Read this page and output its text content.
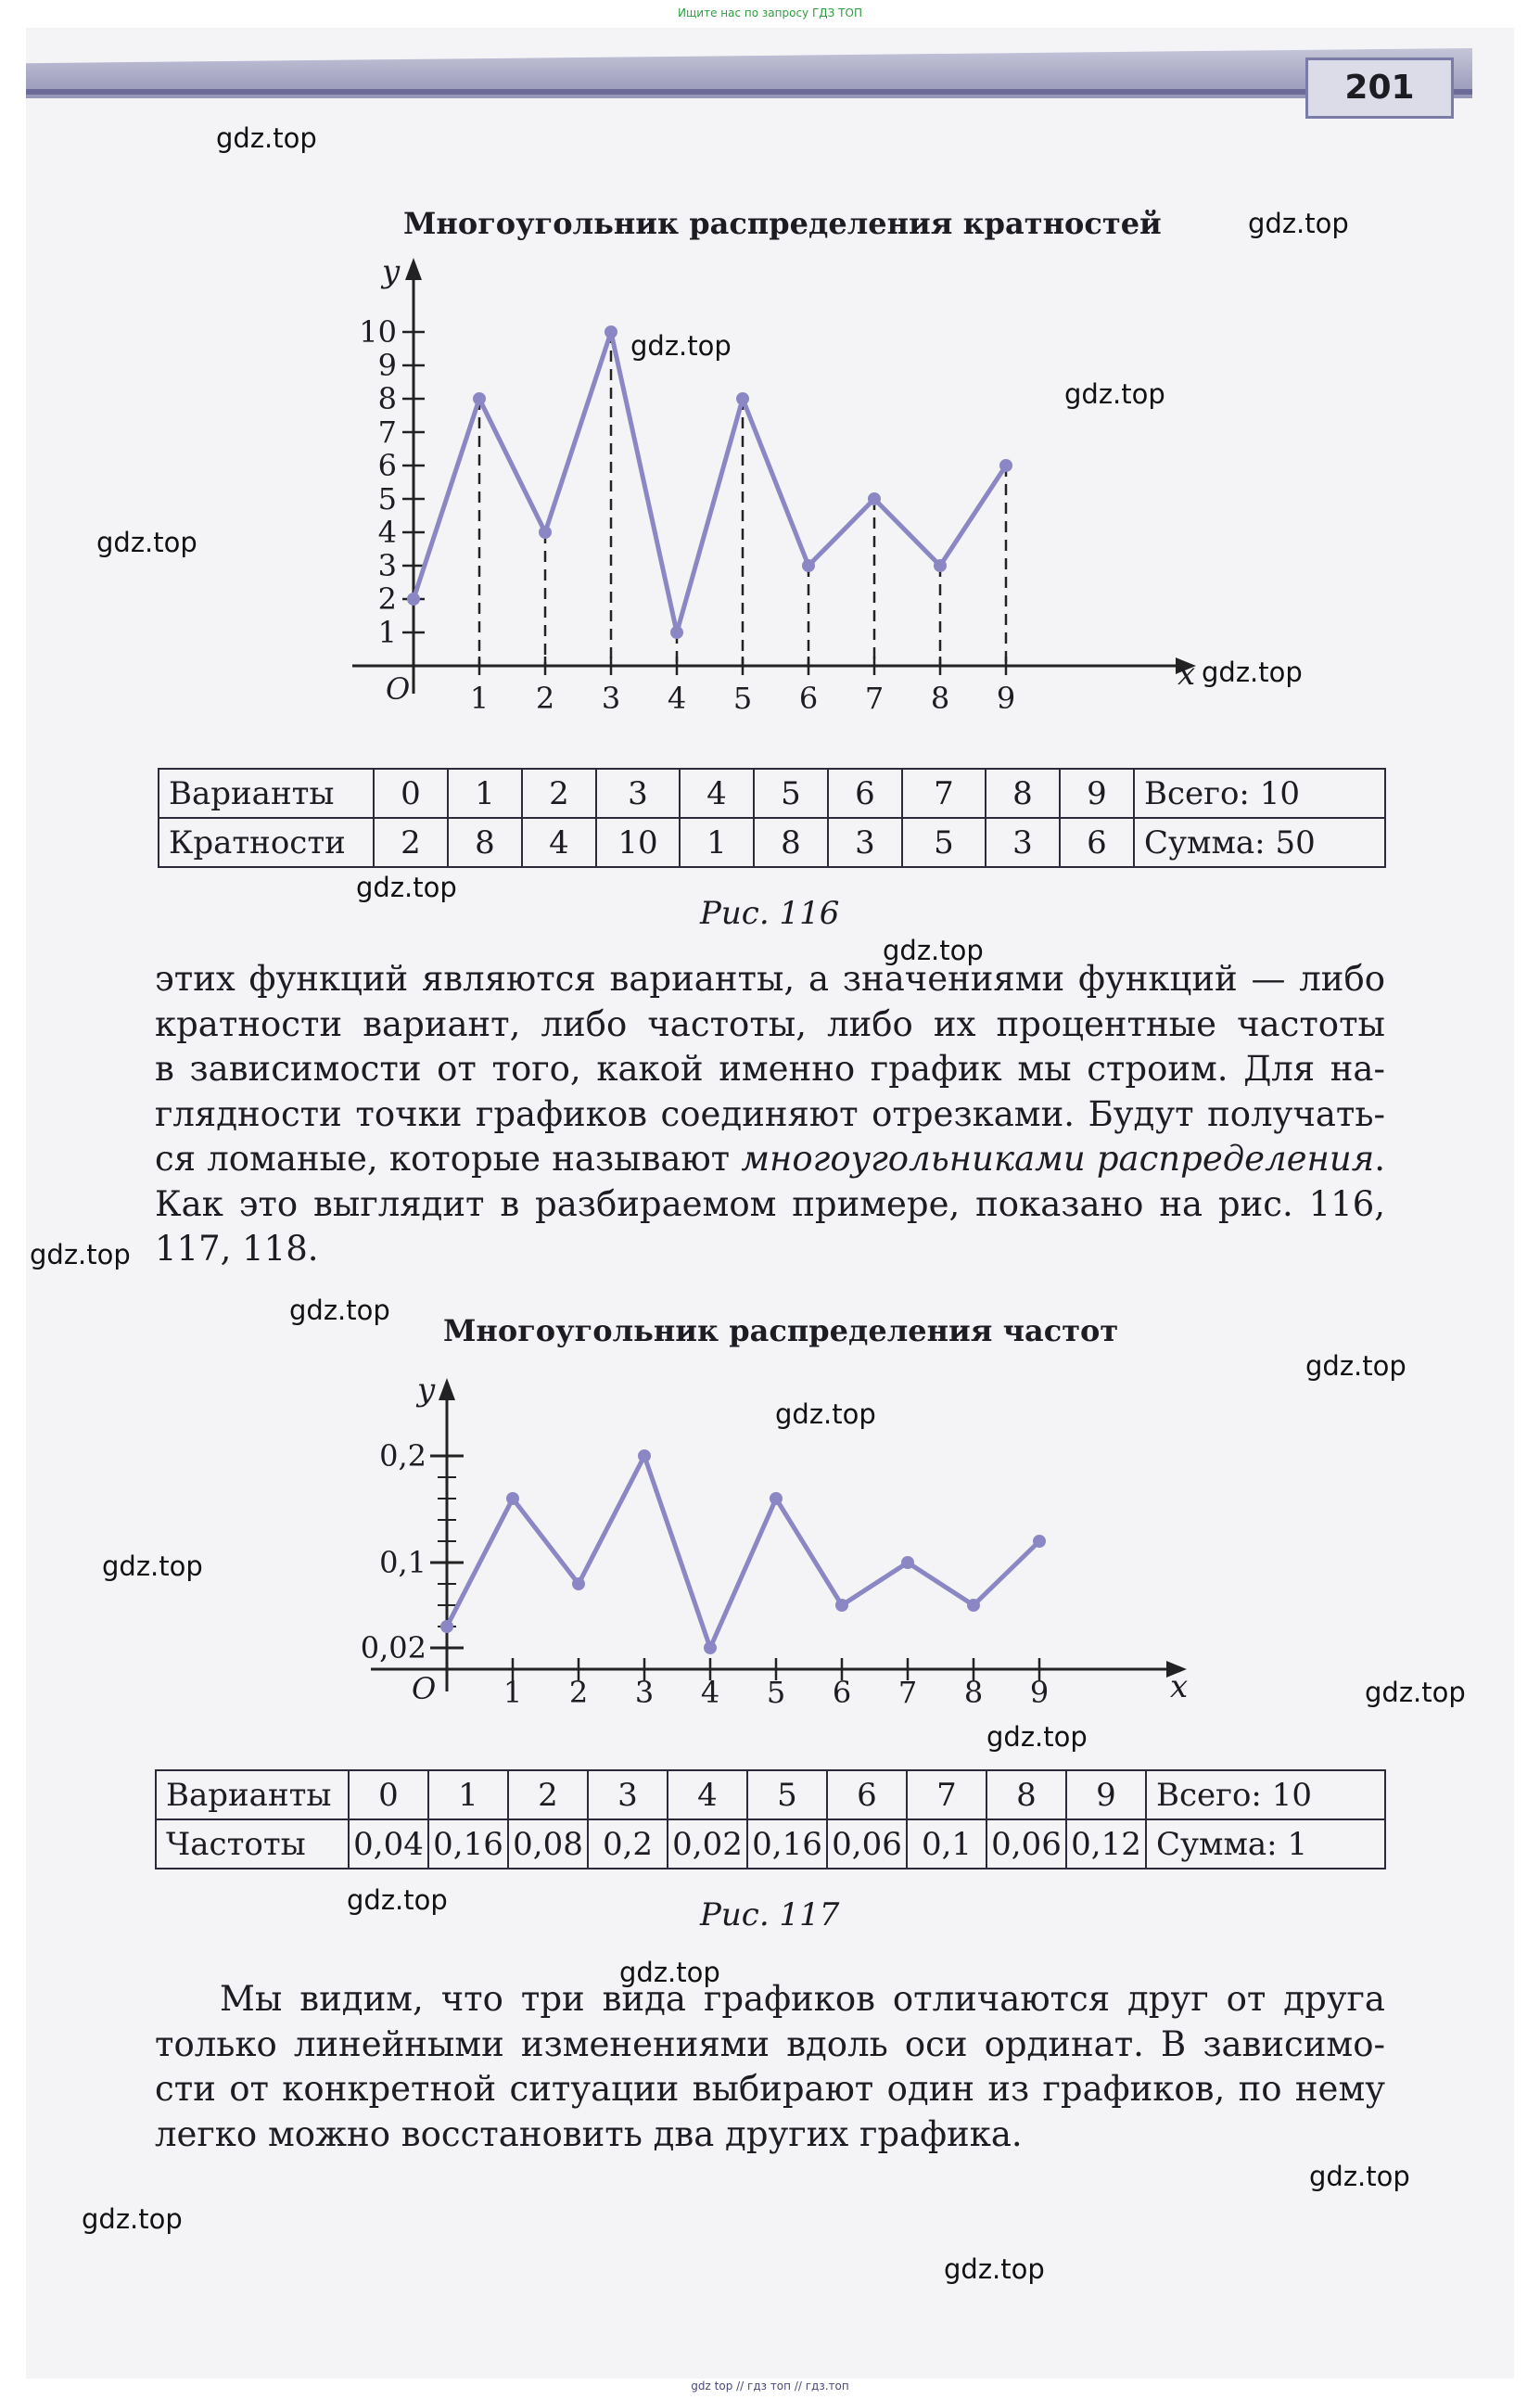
Ищите нас по запросу ГДЗ ТОП
201
Многоугольник распределения кратностей
y
x
O
1
2
3
4
5
6
7
8
9
10
1 2 3 4 5 6 7 8 9
Варианты	0	1	2	3	4	5	6	7	8	9	Всего: 10
Кратности	2	8	4	10	1	8	3	5	3	6	Сумма: 50
Рис. 116
этих функций являются варианты, а значениями функций — либо
кратности вариант, либо частоты, либо их процентные частоты
в зависимости от того, какой именно график мы строим. Для на-
глядности точки графиков соединяют отрезками. Будут получать-
ся ломаные, которые называют многоугольниками распределения.
Как это выглядит в разбираемом примере, показано на рис. 116,
117, 118.
Многоугольник распределения частот
y
x
O
0,02
0,1
0,2
1 2 3 4 5 6 7 8 9
Варианты	0	1	2	3	4	5	6	7	8	9	Всего: 10
Частоты	0,04	0,16	0,08	0,2	0,02	0,16	0,06	0,1	0,06	0,12	Сумма: 1
Рис. 117
Мы видим, что три вида графиков отличаются друг от друга
только линейными изменениями вдоль оси ординат. В зависимо-
сти от конкретной ситуации выбирают один из графиков, по нему
легко можно восстановить два других графика.
gdz.top
gdz.top
gdz.top
gdz.top
gdz.top
gdz.top
gdz.top
gdz.top
gdz.top
gdz.top
gdz.top
gdz.top
gdz.top
gdz.top
gdz.top
gdz.top
gdz.top
gdz.top
gdz.top
gdz.top
gdz top // гдз топ // гдз.топ
